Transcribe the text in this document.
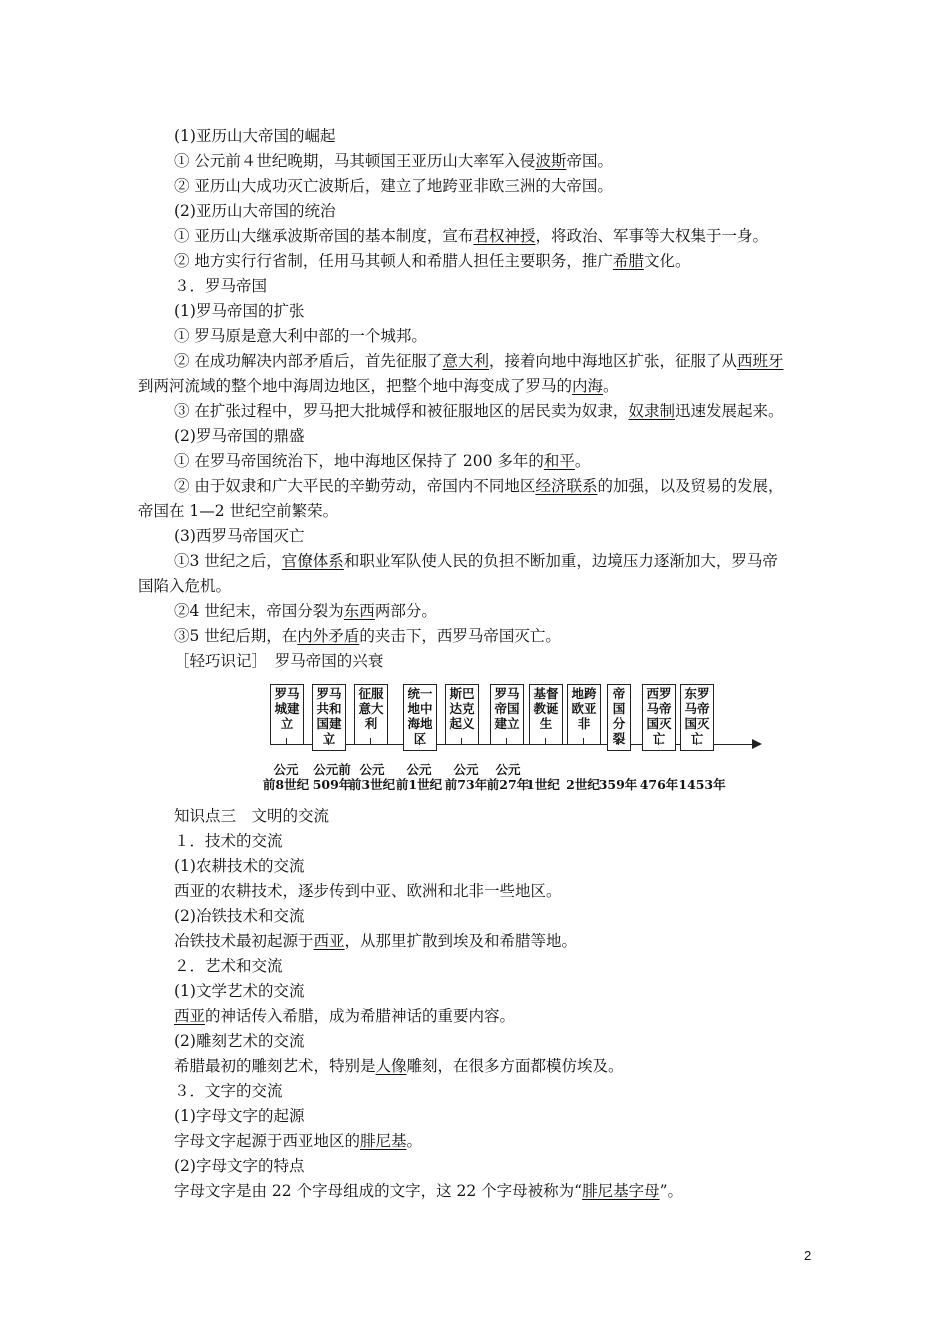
(1)亚历山大帝国的崛起
① 公元前４世纪晚期，马其顿国王亚历山大率军入侵波斯帝国。
② 亚历山大成功灭亡波斯后，建立了地跨亚非欧三洲的大帝国。
(2)亚历山大帝国的统治
① 亚历山大继承波斯帝国的基本制度，宣布君权神授，将政治、军事等大权集于一身。
② 地方实行行省制，任用马其顿人和希腊人担任主要职务，推广希腊文化。
３．罗马帝国
(1)罗马帝国的扩张
① 罗马原是意大利中部的一个城邦。
② 在成功解决内部矛盾后，首先征服了意大利，接着向地中海地区扩张，征服了从西班牙
到两河流域的整个地中海周边地区，把整个地中海变成了罗马的内海。
③ 在扩张过程中，罗马把大批城俘和被征服地区的居民卖为奴隶，奴隶制迅速发展起来。
(2)罗马帝国的鼎盛
① 在罗马帝国统治下，地中海地区保持了 200 多年的和平。
② 由于奴隶和广大平民的辛勤劳动，帝国内不同地区经济联系的加强，以及贸易的发展，
帝国在 1—2 世纪空前繁荣。
(3)西罗马帝国灭亡
①3 世纪之后，官僚体系和职业军队使人民的负担不断加重，边境压力逐渐加大，罗马帝
国陷入危机。
②4 世纪末，帝国分裂为东西两部分。
③5 世纪后期，在内外矛盾的夹击下，西罗马帝国灭亡。
［轻巧识记］　罗马帝国的兴衰
知识点三　文明的交流
１．技术的交流
(1)农耕技术的交流
西亚的农耕技术，逐步传到中亚、欧洲和北非一些地区。
(2)冶铁技术和交流
冶铁技术最初起源于西亚，从那里扩散到埃及和希腊等地。
２．艺术和交流
(1)文学艺术的交流
西亚的神话传入希腊，成为希腊神话的重要内容。
(2)雕刻艺术的交流
希腊最初的雕刻艺术，特别是人像雕刻，在很多方面都模仿埃及。
３．文字的交流
(1)字母文字的起源
字母文字起源于西亚地区的腓尼基。
(2)字母文字的特点
字母文字是由 22 个字母组成的文字，这 22 个字母被称为“腓尼基字母”。
罗马
城建
立
公元
前8世纪
罗马
共和
国建
立
公元前
509年
征服
意大
利
公元
前3世纪
统一
地中
海地
区
公元
前1世纪
斯巴
达克
起义
公元
前73年
罗马
帝国
建立
公元
前27年
基督
教诞
生
1世纪
地跨
欧亚
非
2世纪
帝
国
分
裂
359年
西罗
马帝
国灭
亡
476年
东罗
马帝
国灭
亡
1453年
2
